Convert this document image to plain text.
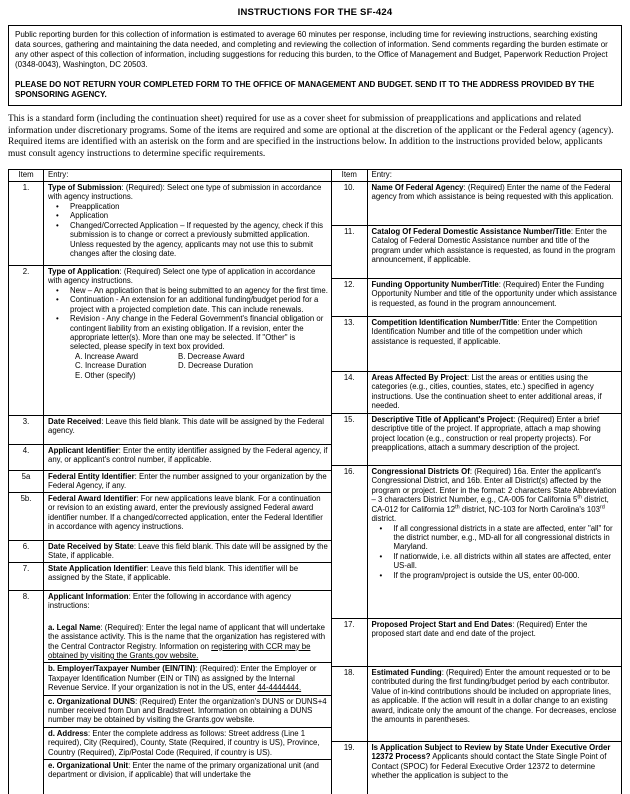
INSTRUCTIONS FOR THE SF-424
Public reporting burden for this collection of information is estimated to average 60 minutes per response, including time for reviewing instructions, searching existing data sources, gathering and maintaining the data needed, and completing and reviewing the collection of information. Send comments regarding the burden estimate or any other aspect of this collection of information, including suggestions for reducing this burden, to the Office of Management and Budget, Paperwork Reduction Project (0348-0043), Washington, DC 20503.
PLEASE DO NOT RETURN YOUR COMPLETED FORM TO THE OFFICE OF MANAGEMENT AND BUDGET. SEND IT TO THE ADDRESS PROVIDED BY THE SPONSORING AGENCY.
This is a standard form (including the continuation sheet) required for use as a cover sheet for submission of preapplications and applications and related information under discretionary programs. Some of the items are required and some are optional at the discretion of the applicant or the Federal agency (agency). Required items are identified with an asterisk on the form and are specified in the instructions below. In addition to the instructions provided below, applicants must consult agency instructions to determine specific requirements.
Item	Entry:
1.	Type of Submission: (Required): Select one type of submission in accordance with agency instructions.
•	Preapplication
•	Application
•	Changed/Corrected Application – If requested by the agency, check if this submission is to change or correct a previously submitted application. Unless requested by the agency, applicants may not use this to submit changes after the closing date.

2.	Type of Application: (Required) Select one type of application in accordance with agency instructions.
•	New – An application that is being submitted to an agency for the first time.
•	Continuation - An extension for an additional funding/budget period for a project with a projected completion date. This can include renewals.
•	Revision - Any change in the Federal Government's financial obligation or contingent liability from an existing obligation. If a revision, enter the appropriate letter(s). More than one may be selected. If "Other" is selected, please specify in text box provided.
A. Increase Award	B. Decrease Award
C. Increase Duration	D. Decrease Duration
E. Other (specify)

3.	Date Received: Leave this field blank. This date will be assigned by the Federal agency.

4.	Applicant Identifier: Enter the entity identifier assigned by the Federal agency, if any, or applicant's control number, if applicable.

5a	Federal Entity Identifier: Enter the number assigned to your organization by the Federal Agency, if any.

5b.	Federal Award Identifier: For new applications leave blank. For a continuation or revision to an existing award, enter the previously assigned Federal award identifier number. If a changed/corrected application, enter the Federal Identifier in accordance with agency instructions.

6.	Date Received by State: Leave this field blank. This date will be assigned by the State, if applicable.

7.	State Application Identifier: Leave this field blank. This identifier will be assigned by the State, if applicable.

8.	Applicant Information: Enter the following in accordance with agency instructions:
a. Legal Name: (Required): Enter the legal name of applicant that will undertake the assistance activity. This is the name that the organization has registered with the Central Contractor Registry. Information on registering with CCR may be obtained by visiting the Grants.gov website.
b. Employer/Taxpayer Number (EIN/TIN): (Required): Enter the Employer or Taxpayer Identification Number (EIN or TIN) as assigned by the Internal Revenue Service. If your organization is not in the US, enter 44-4444444.
c. Organizational DUNS: (Required) Enter the organization's DUNS or DUNS+4 number received from Dun and Bradstreet. Information on obtaining a DUNS number may be obtained by visiting the Grants.gov website.
d. Address: Enter the complete address as follows: Street address (Line 1 required), City (Required), County, State (Required, if country is US), Province, Country (Required), Zip/Postal Code (Required, if country is US).
e. Organizational Unit: Enter the name of the primary organizational unit (and department or division, if applicable) that will undertake the
Item	Entry:
10.	Name Of Federal Agency: (Required) Enter the name of the Federal agency from which assistance is being requested with this application.

11.	Catalog Of Federal Domestic Assistance Number/Title: Enter the Catalog of Federal Domestic Assistance number and title of the program under which assistance is requested, as found in the program announcement, if applicable.

12.	Funding Opportunity Number/Title: (Required) Enter the Funding Opportunity Number and title of the opportunity under which assistance is requested, as found in the program announcement.

13.	Competition Identification Number/Title: Enter the Competition Identification Number and title of the competition under which assistance is requested, if applicable.

14.	Areas Affected By Project: List the areas or entities using the categories (e.g., cities, counties, states, etc.) specified in agency instructions. Use the continuation sheet to enter additional areas, if needed.

15.	Descriptive Title of Applicant's Project: (Required) Enter a brief descriptive title of the project. If appropriate, attach a map showing project location (e.g., construction or real property projects). For preapplications, attach a summary description of the project.

16.	Congressional Districts Of: (Required) 16a. Enter the applicant's Congressional District, and 16b. Enter all District(s) affected by the program or project. Enter in the format: 2 characters State Abbreviation – 3 characters District Number, e.g., CA-005 for California 5th district, CA-012 for California 12th district, NC-103 for North Carolina's 103rd district.
•	If all congressional districts in a state are affected, enter "all" for the district number, e.g., MD-all for all congressional districts in Maryland.
•	If nationwide, i.e. all districts within all states are affected, enter US-all.
•	If the program/project is outside the US, enter 00-000.

17.	Proposed Project Start and End Dates: (Required) Enter the proposed start date and end date of the project.

18.	Estimated Funding: (Required) Enter the amount requested or to be contributed during the first funding/budget period by each contributor. Value of in-kind contributions should be included on appropriate lines, as applicable. If the action will result in a dollar change to an existing award, indicate only the amount of the change. For decreases, enclose the amounts in parentheses.

19.	Is Application Subject to Review by State Under Executive Order 12372 Process? Applicants should contact the State Single Point of Contact (SPOC) for Federal Executive Order 12372 to determine whether the application is subject to the
